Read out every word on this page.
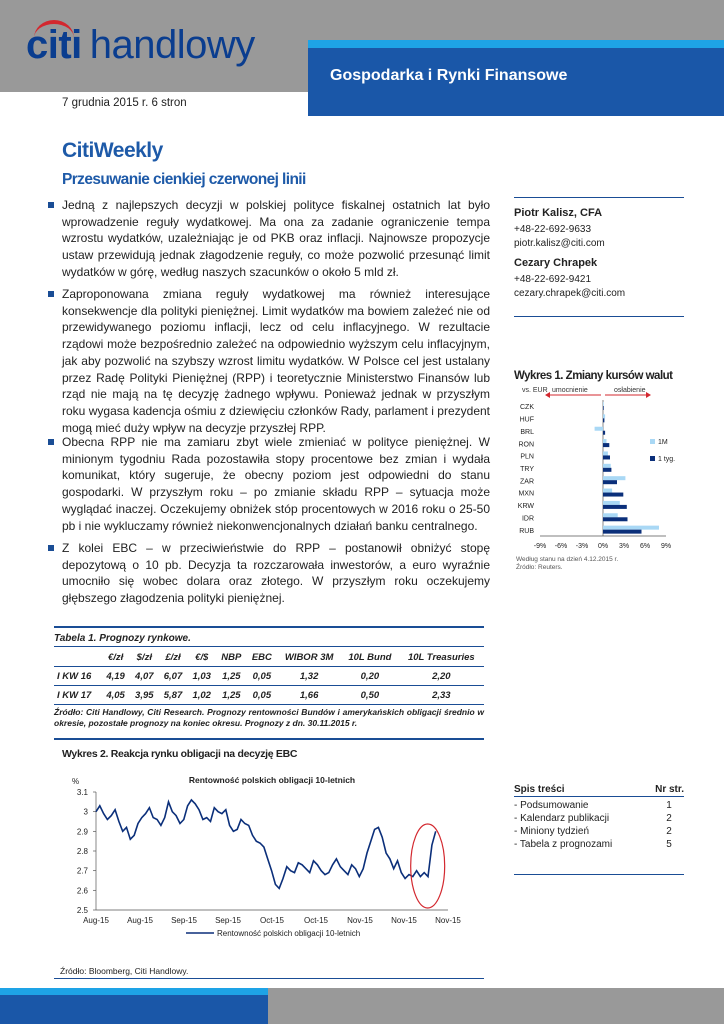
citi handlowy
Gospodarka i Rynki Finansowe
7 grudnia 2015 r. 6 stron
CitiWeekly
Przesuwanie cienkiej czerwonej linii
Jedną z najlepszych decyzji w polskiej polityce fiskalnej ostatnich lat było wprowadzenie reguły wydatkowej. Ma ona za zadanie ograniczenie tempa wzrostu wydatków, uzależniając je od PKB oraz inflacji. Najnowsze propozycje ustaw przewidują jednak złagodzenie reguły, co może pozwolić przesunąć limit wydatków w górę, według naszych szacunków o około 5 mld zł.
Zaproponowana zmiana reguły wydatkowej ma również interesujące konsekwencje dla polityki pieniężnej. Limit wydatków ma bowiem zależeć nie od przewidywanego poziomu inflacji, lecz od celu inflacyjnego. W rezultacie rządowi może bezpośrednio zależeć na odpowiednio wyższym celu inflacyjnym, jak aby pozwolić na szybszy wzrost limitu wydatków. W Polsce cel jest ustalany przez Radę Polityki Pieniężnej (RPP) i teoretycznie Ministerstwo Finansów lub rząd nie mają na tę decyzję żadnego wpływu. Ponieważ jednak w przyszłym roku wygasa kadencja ośmiu z dziewięciu członków Rady, parlament i prezydent mogą mieć duży wpływ na decyzje przyszłej RPP.
Obecna RPP nie ma zamiaru zbyt wiele zmieniać w polityce pieniężnej. W minionym tygodniu Rada pozostawiła stopy procentowe bez zmian i wydała komunikat, który sugeruje, że obecny poziom jest odpowiedni do stanu gospodarki. W przyszłym roku – po zmianie składu RPP – sytuacja może wyglądać inaczej. Oczekujemy obniżek stóp procentowych w 2016 roku o 25-50 pb i nie wykluczamy również niekonwencjonalnych działań banku centralnego.
Z kolei EBC – w przeciwieństwie do RPP – postanowił obniżyć stopę depozytową o 10 pb. Decyzja ta rozczarowała inwestorów, a euro wyraźnie umocniło się wobec dolara oraz złotego. W przyszłym roku oczekujemy głębszego złagodzenia polityki pieniężnej.
Piotr Kalisz, CFA
+48-22-692-9633
piotr.kalisz@citi.com
Cezary Chrapek
+48-22-692-9421
cezary.chrapek@citi.com
Wykres 1. Zmiany kursów walut
vs. EUR umocnienie	osłabienie
CZK
HUF
BRL
RON
PLN
TRY
ZAR
MXN
KRW
IDR
RUB
-9% -6% -3% 0% 3% 6% 9%
1M
1 tyg.
Według stanu na dzień 4.12.2015 r.
Źródło: Reuters.
Tabela 1. Prognozy rynkowe.
	€/zł	$/zł	£/zł	€/$	NBP	EBC	WIBOR 3M	10L Bund	10L Treasuries
I KW 16	4,19	4,07	6,07	1,03	1,25	0,05	1,32	0,20	2,20
I KW 17	4,05	3,95	5,87	1,02	1,25	0,05	1,66	0,50	2,33
Źródło: Citi Handlowy, Citi Research. Prognozy rentowności Bundów i amerykańskich obligacji średnio w okresie, pozostałe prognozy na koniec okresu. Prognozy z dn. 30.11.2015 r.
Wykres 2. Reakcja rynku obligacji na decyzję EBC
%	Rentowność polskich obligacji 10-letnich
2.5
2.6
2.7
2.8
2.9
3
3.1
Aug-15 Aug-15 Sep-15 Sep-15 Oct-15 Oct-15 Nov-15 Nov-15 Nov-15
Rentowność polskich obligacji 10-letnich
Źródło: Bloomberg, Citi Handlowy.
Spis treści	Nr str.
- Podsumowanie	1
- Kalendarz publikacji	2
- Miniony tydzień	2
- Tabela z prognozami	5
